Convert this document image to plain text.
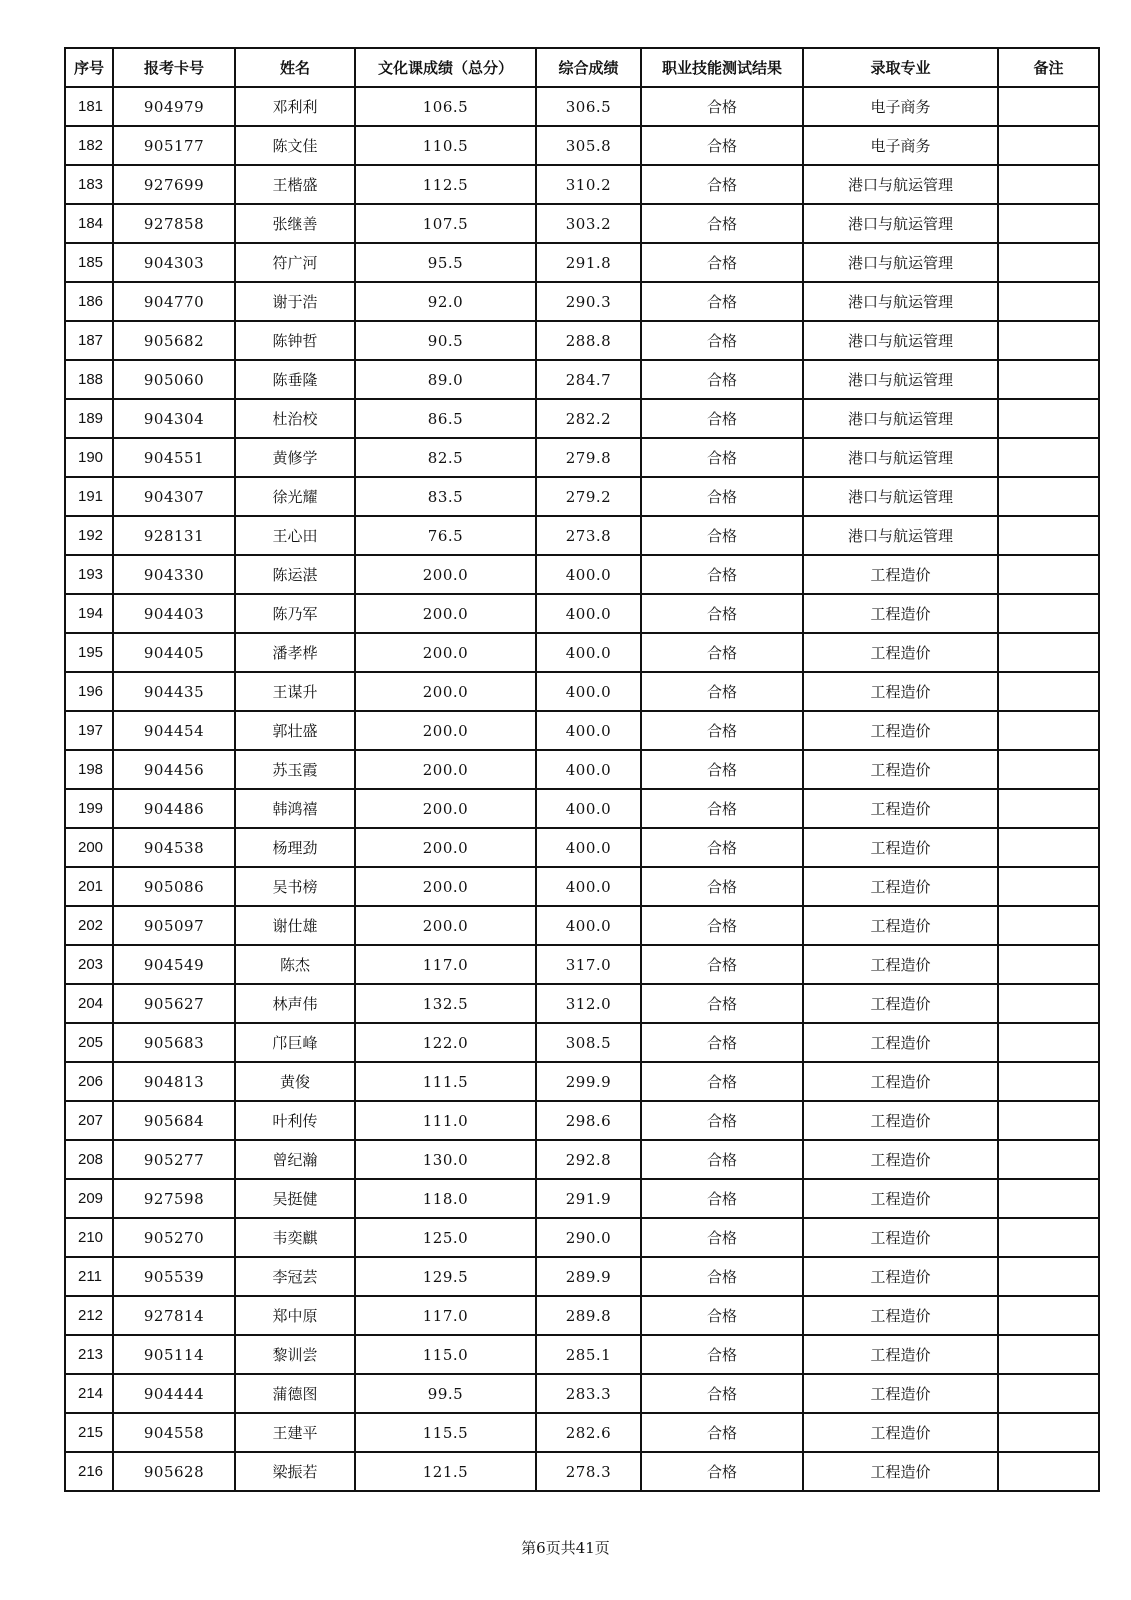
序号	报考卡号	姓名	文化课成绩（总分）	综合成绩	职业技能测试结果	录取专业	备注
181	904979	邓利利	106.5	306.5	合格	电子商务	
182	905177	陈文佳	110.5	305.8	合格	电子商务	
183	927699	王楷盛	112.5	310.2	合格	港口与航运管理	
184	927858	张继善	107.5	303.2	合格	港口与航运管理	
185	904303	符广河	95.5	291.8	合格	港口与航运管理	
186	904770	谢于浩	92.0	290.3	合格	港口与航运管理	
187	905682	陈钟哲	90.5	288.8	合格	港口与航运管理	
188	905060	陈垂隆	89.0	284.7	合格	港口与航运管理	
189	904304	杜治校	86.5	282.2	合格	港口与航运管理	
190	904551	黄修学	82.5	279.8	合格	港口与航运管理	
191	904307	徐光耀	83.5	279.2	合格	港口与航运管理	
192	928131	王心田	76.5	273.8	合格	港口与航运管理	
193	904330	陈运湛	200.0	400.0	合格	工程造价	
194	904403	陈乃军	200.0	400.0	合格	工程造价	
195	904405	潘孝桦	200.0	400.0	合格	工程造价	
196	904435	王谋升	200.0	400.0	合格	工程造价	
197	904454	郭壮盛	200.0	400.0	合格	工程造价	
198	904456	苏玉霞	200.0	400.0	合格	工程造价	
199	904486	韩鸿禧	200.0	400.0	合格	工程造价	
200	904538	杨理劲	200.0	400.0	合格	工程造价	
201	905086	吴书榜	200.0	400.0	合格	工程造价	
202	905097	谢仕雄	200.0	400.0	合格	工程造价	
203	904549	陈杰	117.0	317.0	合格	工程造价	
204	905627	林声伟	132.5	312.0	合格	工程造价	
205	905683	邝巨峰	122.0	308.5	合格	工程造价	
206	904813	黄俊	111.5	299.9	合格	工程造价	
207	905684	叶利传	111.0	298.6	合格	工程造价	
208	905277	曾纪瀚	130.0	292.8	合格	工程造价	
209	927598	吴挺健	118.0	291.9	合格	工程造价	
210	905270	韦奕麒	125.0	290.0	合格	工程造价	
211	905539	李冠芸	129.5	289.9	合格	工程造价	
212	927814	郑中原	117.0	289.8	合格	工程造价	
213	905114	黎训尝	115.0	285.1	合格	工程造价	
214	904444	蒲德图	99.5	283.3	合格	工程造价	
215	904558	王建平	115.5	282.6	合格	工程造价	
216	905628	梁振若	121.5	278.3	合格	工程造价	
第6页共41页
